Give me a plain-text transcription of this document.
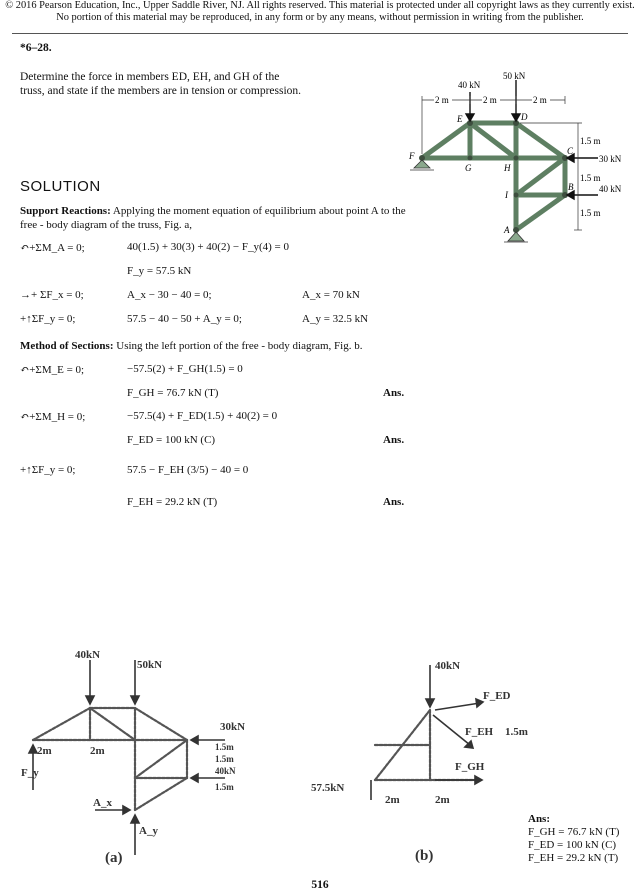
© 2016 Pearson Education, Inc., Upper Saddle River, NJ. All rights reserved. This material is protected under all copyright laws as they currently exist. No portion of this material may be reproduced, in any form or by any means, without permission in writing from the publisher.
*6–28.
Determine the force in members ED, EH, and GH of the truss, and state if the members are in tension or compression.	40 kN
50 kN
30 kN
40 kN
2 m	2 m	2 m
1.5 m
1.5 m
1.5 m
E	D
F
G	H
C
I
B
A
SOLUTION
Support Reactions: Applying the moment equation of equilibrium about point A to the free - body diagram of the truss, Fig. a,
↶+ΣM_A = 0;	40(1.5) + 30(3) + 40(2) − F_y(4) = 0
F_y = 57.5 kN
→+ ΣF_x = 0;	A_x − 30 − 40 = 0;	A_x = 70 kN
+↑ΣF_y = 0;	57.5 − 40 − 50 + A_y = 0;	A_y = 32.5 kN
Method of Sections: Using the left portion of the free - body diagram, Fig. b.
↶+ΣM_E = 0;	−57.5(2) + F_GH(1.5) = 0
F_GH = 76.7 kN (T)	Ans.
↶+ΣM_H = 0;	−57.5(4) + F_ED(1.5) + 40(2) = 0
F_ED = 100 kN (C)	Ans.
+↑ΣF_y = 0;	57.5 − F_EH (3/5) − 40 = 0
F_EH = 29.2 kN (T)	Ans.
40kN
50kN
30kN
2m	2m	1.5m
1.5m
40kN
1.5m
F_y
A_x
A_y
(a)
40kN
F_ED
F_EH 1.5m
F_GH
57.5kN
2m	2m
(b)
Ans:
F_GH = 76.7 kN (T)
F_ED = 100 kN (C)
F_EH = 29.2 kN (T)
516
